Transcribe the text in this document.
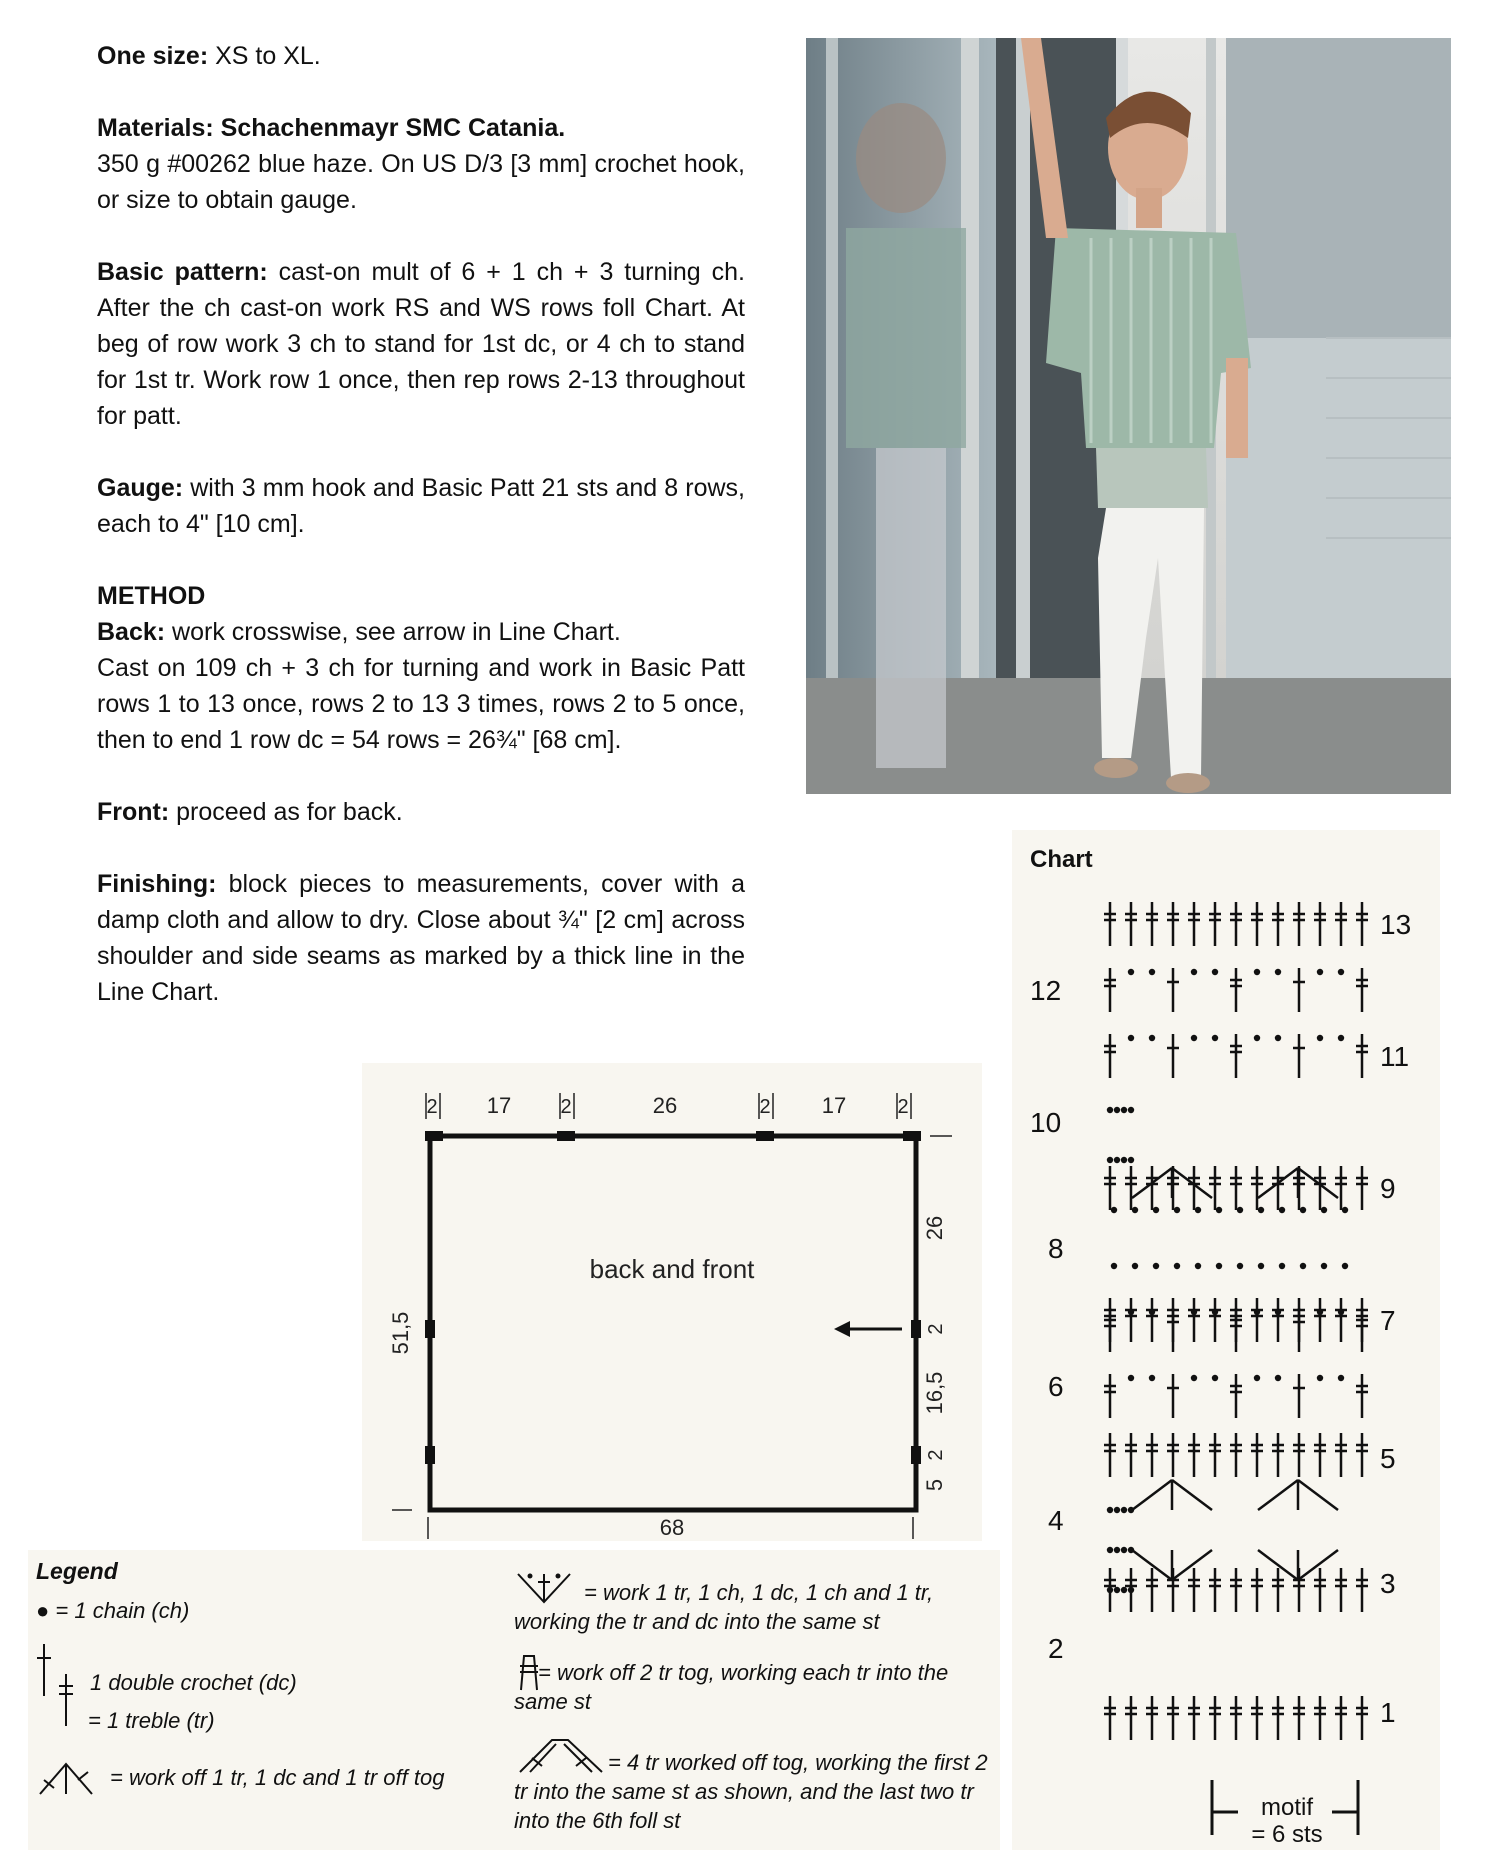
One size: XS to XL.

Materials: Schachenmayr SMC Catania.
350 g #00262 blue haze. On US D/3 [3 mm] crochet hook, or size to obtain gauge.

Basic pattern: cast-on mult of 6 + 1 ch + 3 turning ch. After the ch cast-on work RS and WS rows foll Chart. At beg of row work 3 ch to stand for 1st dc, or 4 ch to stand for 1st tr. Work row 1 once, then rep rows 2-13 throughout for patt.

Gauge: with 3 mm hook and Basic Patt 21 sts and 8 rows, each to 4" [10 cm].

METHOD
Back: work crosswise, see arrow in Line Chart.
Cast on 109 ch + 3 ch for turning and work in Basic Patt rows 1 to 13 once, rows 2 to 13 3 times, rows 2 to 5 once, then to end 1 row dc = 54 rows = 26¾" [68 cm].

Front: proceed as for back.

Finishing: block pieces to measurements, cover with a damp cloth and allow to dry. Close about ¾" [2 cm] across shoulder and side seams as marked by a thick line in the Line Chart.

2 17 2	26	2 17	2
back and front
51,5
26
2
16,5
2
5
68
Legend
● = 1 chain (ch)
1 double crochet (dc)
= 1 treble (tr)
= work off 1 tr, 1 dc and 1 tr off tog
= work 1 tr, 1 ch, 1 dc, 1 ch and 1 tr, working the tr and dc into the same st
= work off 2 tr tog, working each tr into the same st
= 4 tr worked off tog, working the first 2 tr into the same st as shown, and the last two tr into the 6th foll st
Chart
13
11
9
7
5
3
1
12
10
8
6
4
2
motif
= 6 sts
